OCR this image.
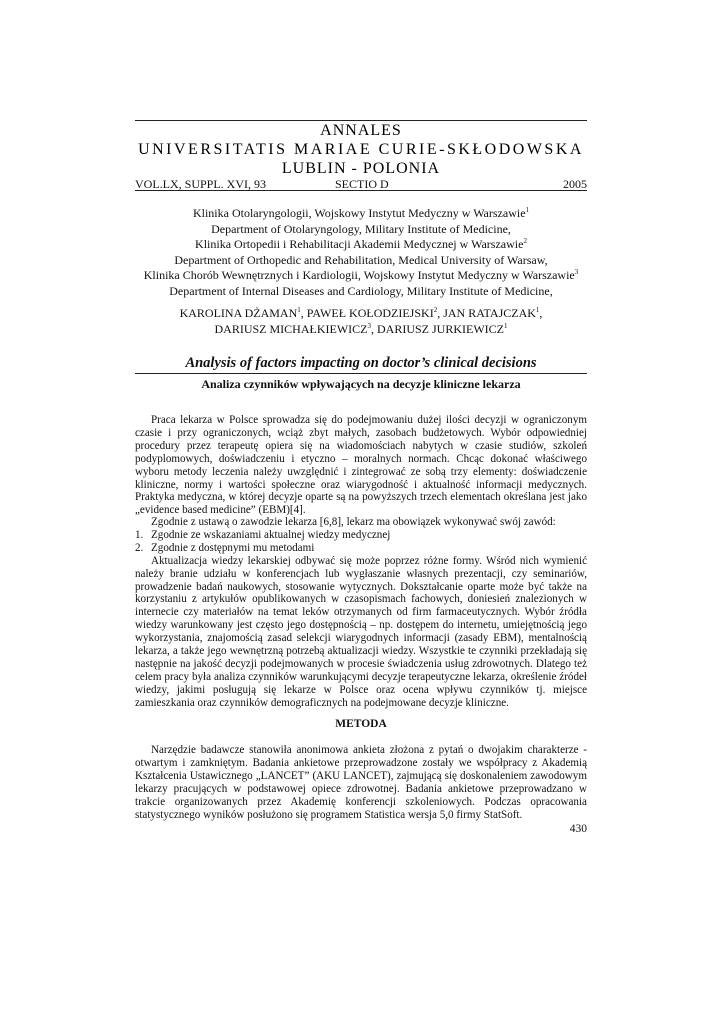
ANNALES
UNIVERSITATIS MARIAE CURIE-SKŁODOWSKA
LUBLIN - POLONIA
VOL.LX, SUPPL. XVI, 93	SECTIO D	2005
Klinika Otolaryngologii, Wojskowy Instytut Medyczny w Warszawie$^1$
Department of Otolaryngology, Military Institute of Medicine,
Klinika Ortopedii i Rehabilitacji Akademii Medycznej w Warszawie$^2$
Department of Orthopedic and Rehabilitation, Medical University of Warsaw,
Klinika Chorób Wewnętrznych i Kardiologii, Wojskowy Instytut Medyczny w Warszawie$^3$
Department of Internal Diseases and Cardiology, Military Institute of Medicine,
KAROLINA DŻAMAN$^1$, PAWEŁ KOŁODZIEJSKI$^2$, JAN RATAJCZAK$^1$,
DARIUSZ MICHAŁKIEWICZ$^3$, DARIUSZ JURKIEWICZ$^1$
Analysis of factors impacting on doctor’s clinical decisions
Analiza czynników wpływających na decyzje kliniczne lekarza

Praca lekarza w Polsce sprowadza się do podejmowaniu dużej ilości decyzji w ograniczonym czasie i przy ograniczonych, wciąż zbyt małych, zasobach budżetowych. Wybór odpowiedniej procedury przez terapeutę opiera się na wiadomościach nabytych w czasie studiów, szkoleń podyplomowych, doświadczeniu i etyczno – moralnych normach. Chcąc dokonać właściwego wyboru metody leczenia należy uwzględnić i zintegrować ze sobą trzy elementy: doświadczenie kliniczne, normy i wartości społeczne oraz wiarygodność i aktualność informacji medycznych. Praktyka medyczna, w której decyzje oparte są na powyższych trzech elementach określana jest jako „evidence based medicine” (EBM)[4].

Zgodnie z ustawą o zawodzie lekarza [6,8], lekarz ma obowiązek wykonywać swój zawód:

1. Zgodnie ze wskazaniami aktualnej wiedzy medycznej
2. Zgodnie z dostępnymi mu metodami

Aktualizacja wiedzy lekarskiej odbywać się może poprzez różne formy. Wśród nich wymienić należy branie udziału w konferencjach lub wygłaszanie własnych prezentacji, czy seminariów, prowadzenie badań naukowych, stosowanie wytycznych. Dokształcanie oparte może być także na korzystaniu z artykułów opublikowanych w czasopismach fachowych, doniesień znalezionych w internecie czy materiałów na temat leków otrzymanych od firm farmaceutycznych. Wybór źródła wiedzy warunkowany jest często jego dostępnością – np. dostępem do internetu, umiejętnością jego wykorzystania, znajomością zasad selekcji wiarygodnych informacji (zasady EBM), mentalnością lekarza, a także jego wewnętrzną potrzebą aktualizacji wiedzy. Wszystkie te czynniki przekładają się następnie na jakość decyzji podejmowanych w procesie świadczenia usług zdrowotnych. Dlatego też celem pracy była analiza czynników warunkującymi decyzje terapeutyczne lekarza, określenie źródeł wiedzy, jakimi posługują się lekarze w Polsce oraz ocena wpływu czynników tj. miejsce zamieszkania oraz czynników demograficznych na podejmowane decyzje kliniczne.

METODA

Narzędzie badawcze stanowiła anonimowa ankieta złożona z pytań o dwojakim charakterze - otwartym i zamkniętym. Badania ankietowe przeprowadzone zostały we współpracy z Akademią Kształcenia Ustawicznego „LANCET” (AKU LANCET), zajmującą się doskonaleniem zawodowym lekarzy pracujących w podstawowej opiece zdrowotnej. Badania ankietowe przeprowadzano w trakcie organizowanych przez Akademię konferencji szkoleniowych. Podczas opracowania statystycznego wyników posłużono się programem Statistica wersja 5,0 firmy StatSoft.

430
